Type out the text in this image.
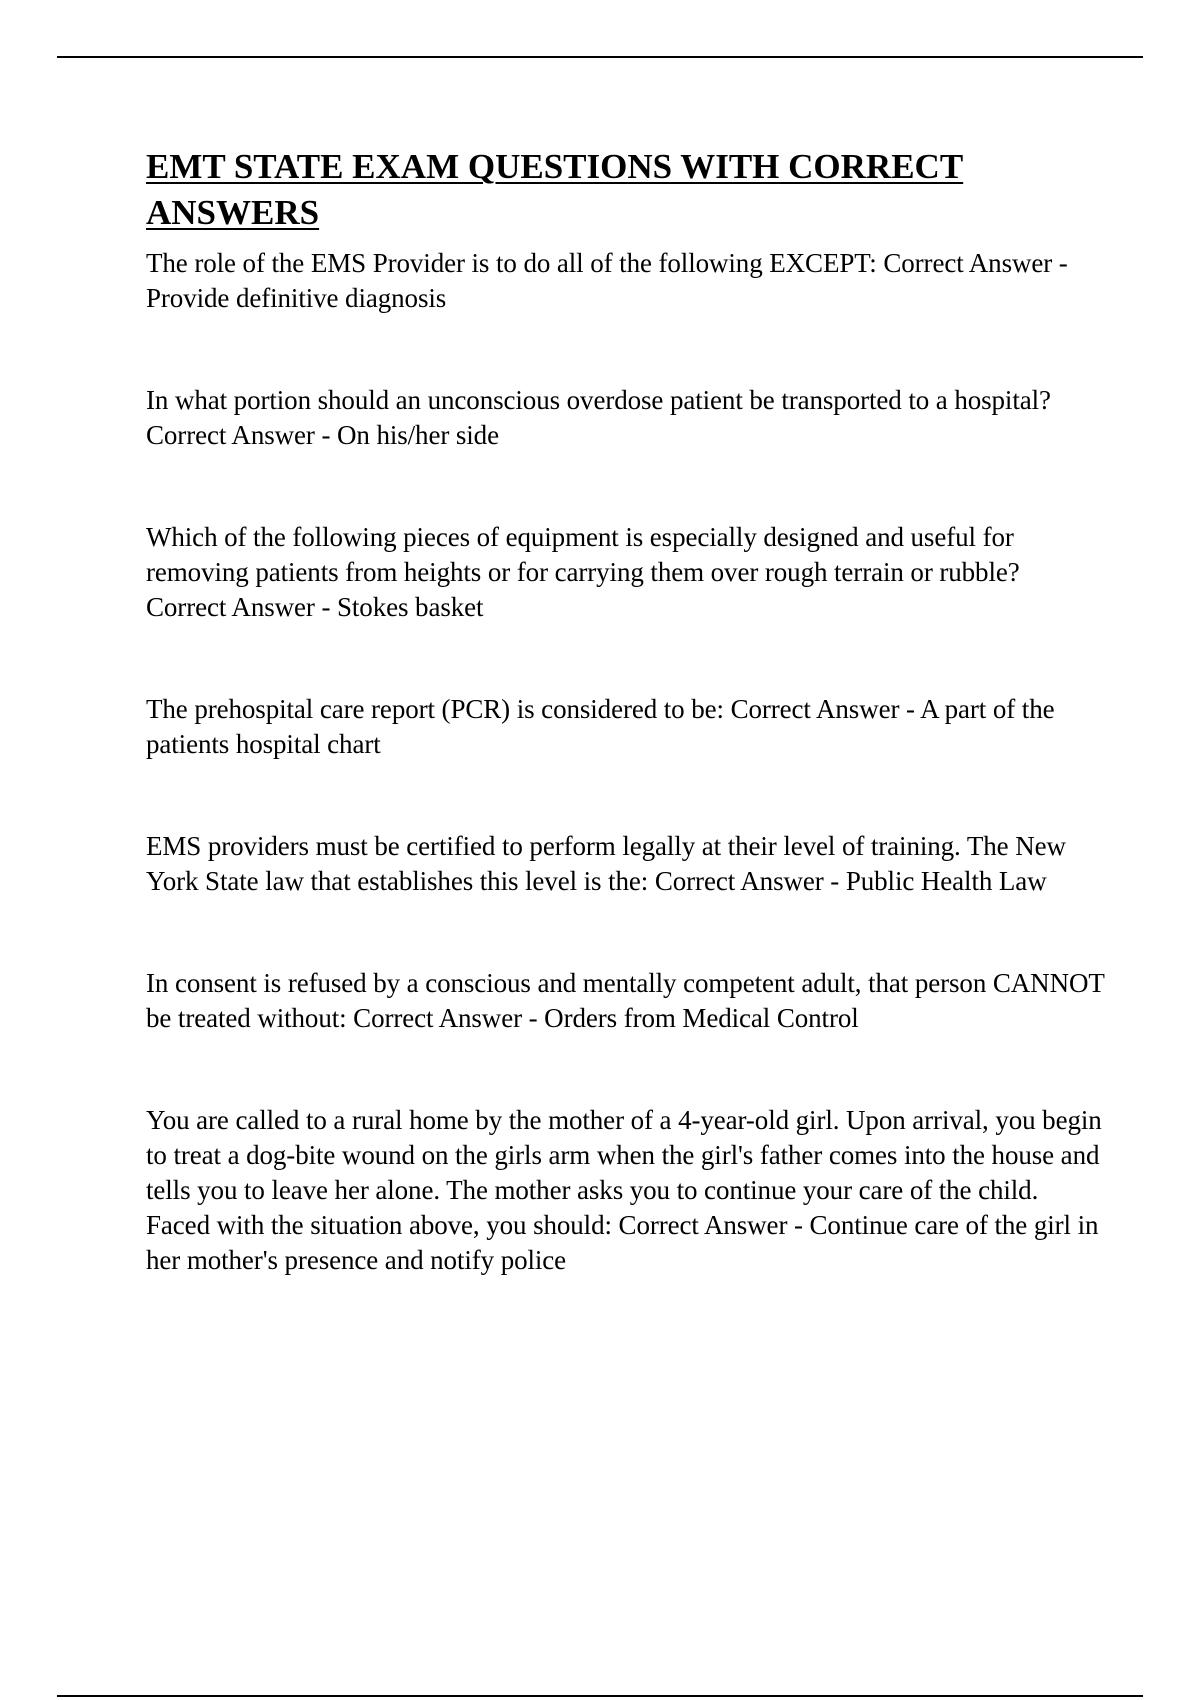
EMT STATE EXAM QUESTIONS WITH CORRECT ANSWERS
The role of the EMS Provider is to do all of the following EXCEPT: Correct Answer - Provide definitive diagnosis
In what portion should an unconscious overdose patient be transported to a hospital? Correct Answer - On his/her side
Which of the following pieces of equipment is especially designed and useful for removing patients from heights or for carrying them over rough terrain or rubble? Correct Answer - Stokes basket
The prehospital care report (PCR) is considered to be: Correct Answer - A part of the patients hospital chart
EMS providers must be certified to perform legally at their level of training. The New York State law that establishes this level is the: Correct Answer - Public Health Law
In consent is refused by a conscious and mentally competent adult, that person CANNOT be treated without: Correct Answer - Orders from Medical Control
You are called to a rural home by the mother of a 4-year-old girl. Upon arrival, you begin to treat a dog-bite wound on the girls arm when the girl's father comes into the house and tells you to leave her alone. The mother asks you to continue your care of the child. Faced with the situation above, you should: Correct Answer - Continue care of the girl in her mother's presence and notify police
